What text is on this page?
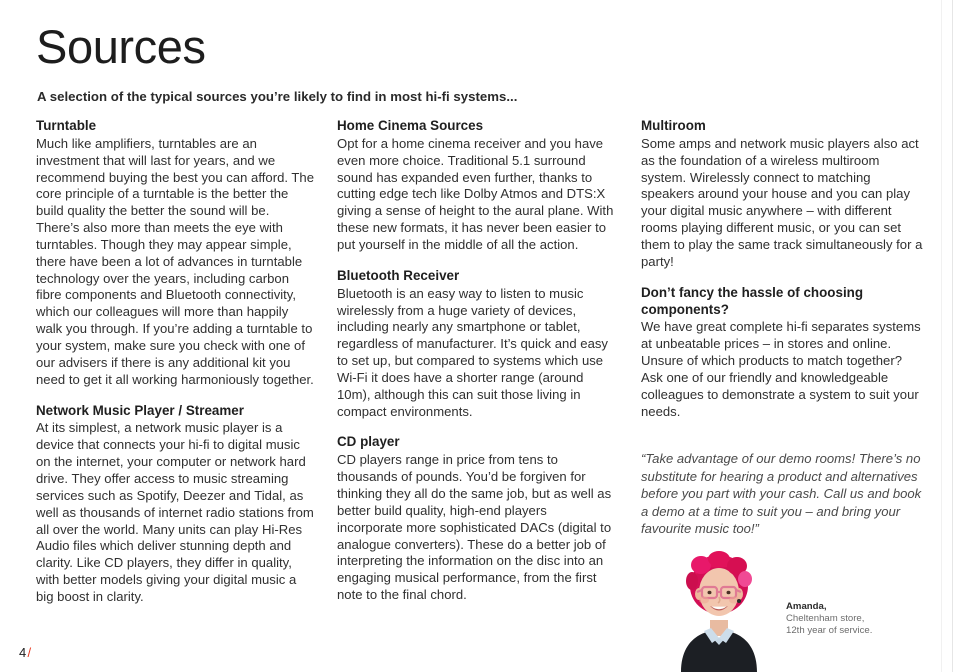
Sources
A selection of the typical sources you’re likely to find in most hi-fi systems...
Turntable

Much like amplifiers, turntables are an investment that will last for years, and we recommend buying the best you can afford. The core principle of a turntable is the better the build quality the better the sound will be. There’s also more than meets the eye with turntables. Though they may appear simple, there have been a lot of advances in turntable technology over the years, including carbon fibre components and Bluetooth connectivity, which our colleagues will more than happily walk you through. If you’re adding a turntable to your system, make sure you check with one of our advisers if there is any additional kit you need to get it all working harmoniously together.

Network Music Player / Streamer

At its simplest, a network music player is a device that connects your hi-fi to digital music on the internet, your computer or network hard drive. They offer access to music streaming services such as Spotify, Deezer and Tidal, as well as thousands of internet radio stations from all over the world. Many units can play Hi-Res Audio files which deliver stunning depth and clarity. Like CD players, they differ in quality, with better models giving your digital music a big boost in clarity.

Home Cinema Sources

Opt for a home cinema receiver and you have even more choice. Traditional 5.1 surround sound has expanded even further, thanks to cutting edge tech like Dolby Atmos and DTS:X giving a sense of height to the aural plane. With these new formats, it has never been easier to put yourself in the middle of all the action.

Bluetooth Receiver

Bluetooth is an easy way to listen to music wirelessly from a huge variety of devices, including nearly any smartphone or tablet, regardless of manufacturer. It’s quick and easy to set up, but compared to systems which use Wi-Fi it does have a shorter range (around 10m), although this can suit those living in compact environments.

CD player

CD players range in price from tens to thousands of pounds. You’d be forgiven for thinking they all do the same job, but as well as better build quality, high-end players incorporate more sophisticated DACs (digital to analogue converters). These do a better job of interpreting the information on the disc into an engaging musical performance, from the first note to the final chord.

Multiroom

Some amps and network music players also act as the foundation of a wireless multiroom system. Wirelessly connect to matching speakers around your house and you can play your digital music anywhere – with different rooms playing different music, or you can set them to play the same track simultaneously for a party!

Don’t fancy the hassle of choosing components?

We have great complete hi-fi separates systems at unbeatable prices – in stores and online. Unsure of which products to match together? Ask one of our friendly and knowledgeable colleagues to demonstrate a system to suit your needs.

“Take advantage of our demo rooms! There’s no substitute for hearing a product and alternatives before you part with your cash. Call us and book a demo at a time to suit you – and bring your favourite music too!”
Amanda,
Cheltenham store,
12th year of service.
4/
